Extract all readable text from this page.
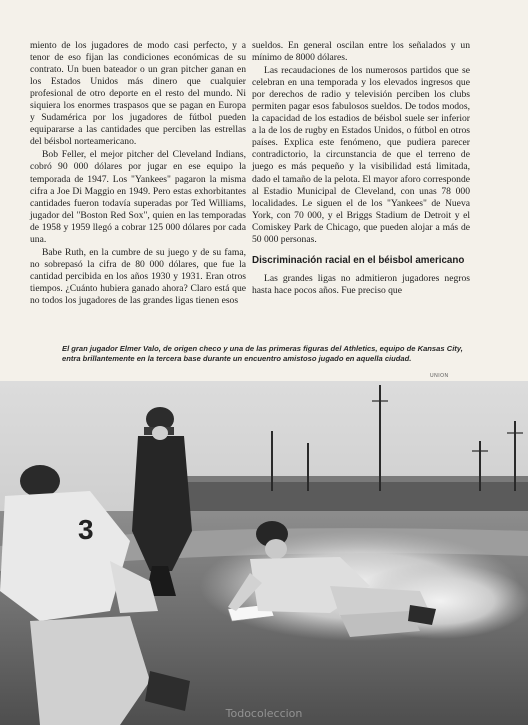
miento de los jugadores de modo casi perfecto, y a tenor de eso fijan las condiciones económicas de su contrato. Un buen bateador o un gran pitcher ganan en los Estados Unidos más dinero que cualquier profesional de otro deporte en el resto del mundo. Ni siquiera los enormes traspasos que se pagan en Europa y Sudamérica por los jugadores de fútbol pueden equipararse a las cantidades que perciben las estrellas del béisbol norteamericano.

Bob Feller, el mejor pitcher del Cleveland Indians, cobró 90 000 dólares por jugar en ese equipo la temporada de 1947. Los "Yankees" pagaron la misma cifra a Joe Di Maggio en 1949. Pero estas exhorbitantes cantidades fueron todavía superadas por Ted Williams, jugador del "Boston Red Sox", quien en las temporadas de 1958 y 1959 llegó a cobrar 125 000 dólares por cada una.

Babe Ruth, en la cumbre de su juego y de su fama, no sobrepasó la cifra de 80 000 dólares, que fue la cantidad percibida en los años 1930 y 1931. Eran otros tiempos. ¿Cuánto hubiera ganado ahora? Claro está que no todos los jugadores de las grandes ligas tienen esos

sueldos. En general oscilan entre los señalados y un mínimo de 8000 dólares.

Las recaudaciones de los numerosos partidos que se celebran en una temporada y los elevados ingresos que por derechos de radio y televisión perciben los clubs permiten pagar esos fabulosos sueldos. De todos modos, la capacidad de los estadios de béisbol suele ser inferior a la de los de rugby en Estados Unidos, o fútbol en otros países. Explica este fenómeno, que pudiera parecer contradictorio, la circunstancia de que el terreno de juego es más pequeño y la visibilidad está limitada, dado el tamaño de la pelota. El mayor aforo corresponde al Estadio Municipal de Cleveland, con unas 78 000 localidades. Le siguen el de los "Yankees" de Nueva York, con 70 000, y el Briggs Stadium de Detroit y el Comiskey Park de Chicago, que pueden alojar a más de 50 000 personas.

Discriminación racial en el béisbol americano

Las grandes ligas no admitieron jugadores negros hasta hace pocos años. Fue preciso que

El gran jugador Elmer Valo, de origen checo y una de las primeras figuras del Athletics, equipo de Kansas City, entra brillantemente en la tercera base durante un encuentro amistoso jugado en aquella ciudad.
UNION
3
Todocoleccion
